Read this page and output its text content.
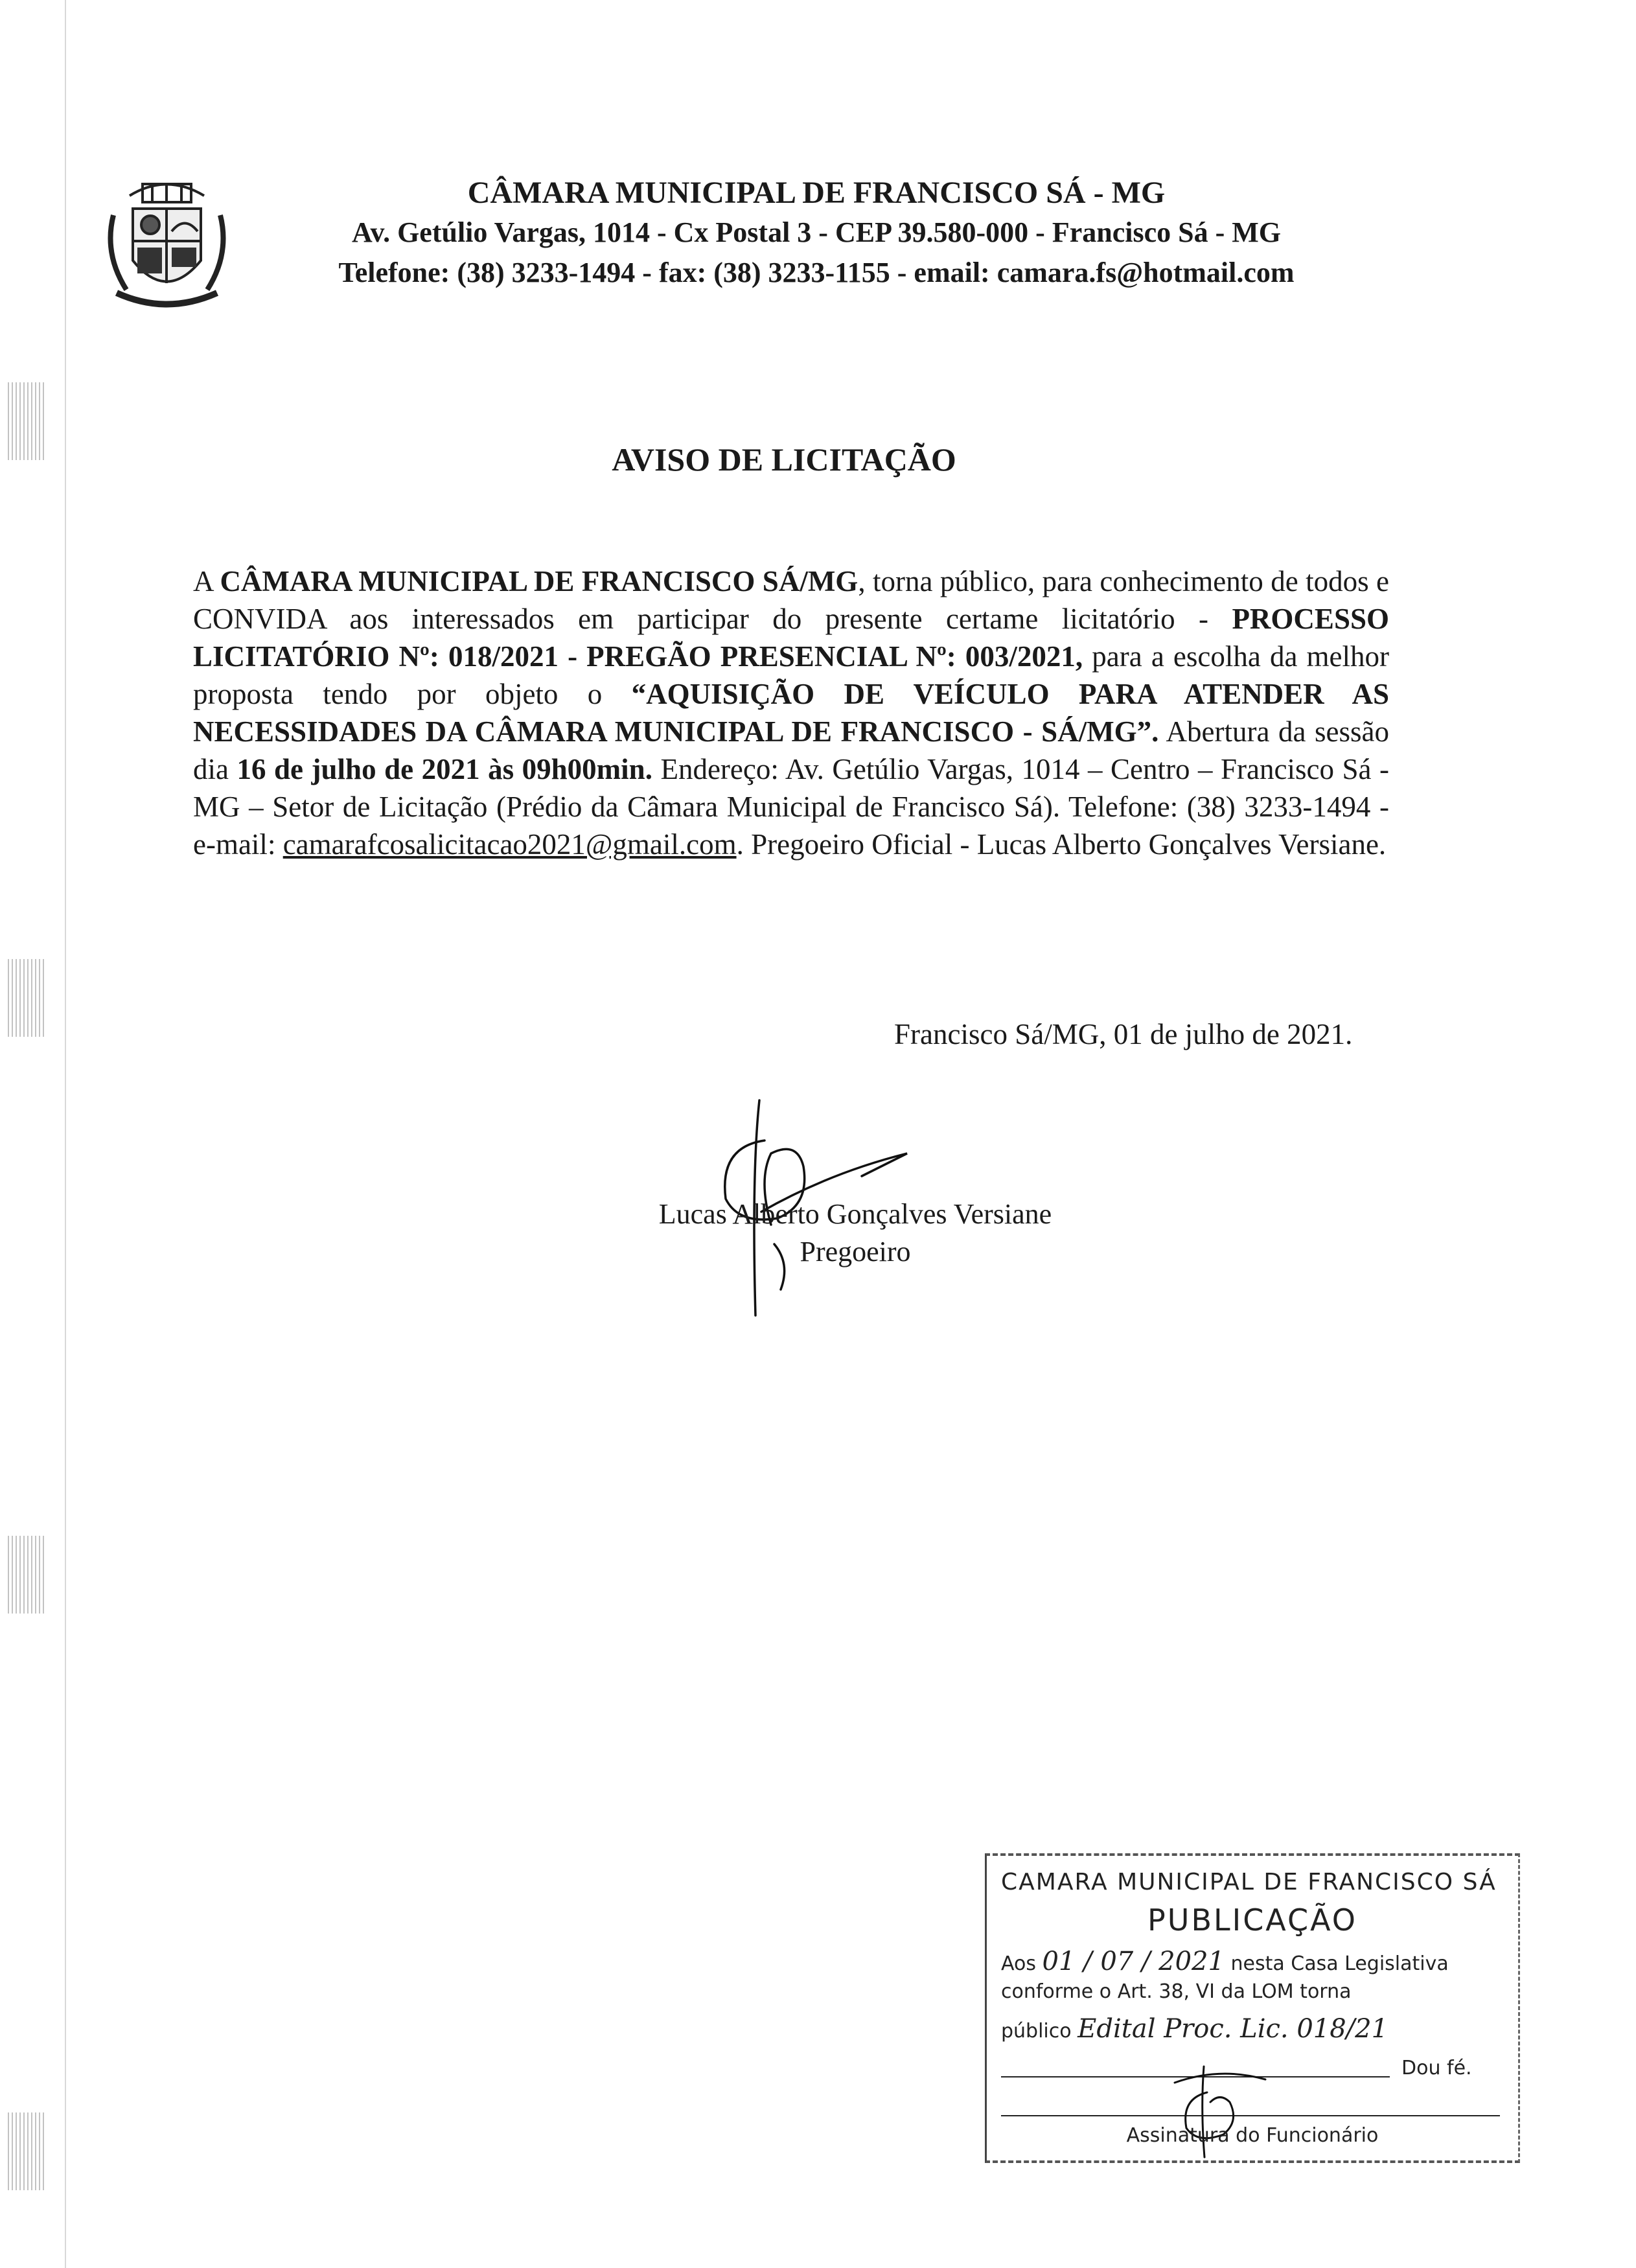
CÂMARA MUNICIPAL DE FRANCISCO SÁ - MG
Av. Getúlio Vargas, 1014 - Cx Postal 3 - CEP 39.580-000 - Francisco Sá - MG
Telefone: (38) 3233-1494 - fax: (38) 3233-1155 - email: camara.fs@hotmail.com
AVISO DE LICITAÇÃO
A CÂMARA MUNICIPAL DE FRANCISCO SÁ/MG, torna público, para conhecimento de todos e CONVIDA aos interessados em participar do presente certame licitatório - PROCESSO LICITATÓRIO Nº: 018/2021 - PREGÃO PRESENCIAL Nº: 003/2021, para a escolha da melhor proposta tendo por objeto o “AQUISIÇÃO DE VEÍCULO PARA ATENDER AS NECESSIDADES DA CÂMARA MUNICIPAL DE FRANCISCO - SÁ/MG”. Abertura da sessão dia 16 de julho de 2021 às 09h00min. Endereço: Av. Getúlio Vargas, 1014 – Centro – Francisco Sá - MG – Setor de Licitação (Prédio da Câmara Municipal de Francisco Sá). Telefone: (38) 3233-1494 - e-mail: camarafcosalicitacao2021@gmail.com. Pregoeiro Oficial - Lucas Alberto Gonçalves Versiane.
Francisco Sá/MG, 01 de julho de 2021.
Lucas Alberto Gonçalves Versiane
Pregoeiro
CAMARA MUNICIPAL DE FRANCISCO SÁ
PUBLICAÇÃO
Aos 01 / 07 / 2021 nesta Casa Legislativa
conforme o Art. 38, VI da LOM torna
público Edital Proc. Lic. 018/21
Dou fé.
Assinatura do Funcionário
